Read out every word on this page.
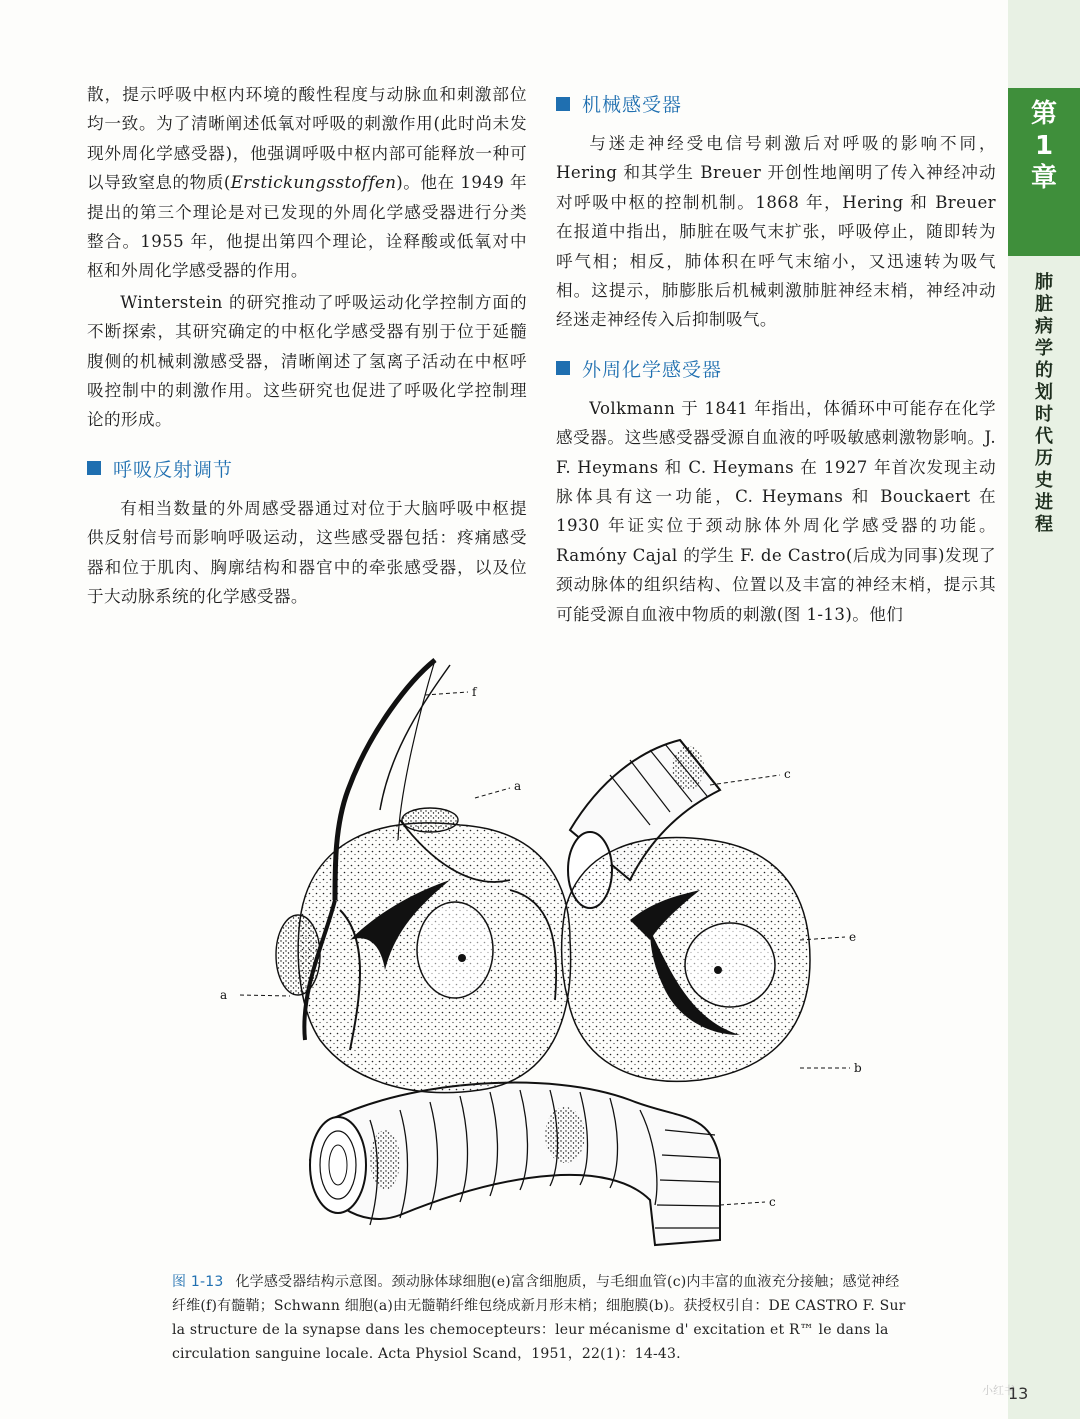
散，提示呼吸中枢内环境的酸性程度与动脉血和刺激部位均一致。为了清晰阐述低氧对呼吸的刺激作用(此时尚未发现外周化学感受器)，他强调呼吸中枢内部可能释放一种可以导致窒息的物质(Erstickungsstoffen)。他在 1949 年提出的第三个理论是对已发现的外周化学感受器进行分类整合。1955 年，他提出第四个理论，诠释酸或低氧对中枢和外周化学感受器的作用。

Winterstein 的研究推动了呼吸运动化学控制方面的不断探索，其研究确定的中枢化学感受器有别于位于延髓腹侧的机械刺激感受器，清晰阐述了氢离子活动在中枢呼吸控制中的刺激作用。这些研究也促进了呼吸化学控制理论的形成。

呼吸反射调节

有相当数量的外周感受器通过对位于大脑呼吸中枢提供反射信号而影响呼吸运动，这些感受器包括：疼痛感受器和位于肌肉、胸廓结构和器官中的牵张感受器，以及位于大动脉系统的化学感受器。

机械感受器

与迷走神经受电信号刺激后对呼吸的影响不同，Hering 和其学生 Breuer 开创性地阐明了传入神经冲动对呼吸中枢的控制机制。1868 年，Hering 和 Breuer 在报道中指出，肺脏在吸气末扩张，呼吸停止，随即转为呼气相；相反，肺体积在呼气末缩小，又迅速转为吸气相。这提示，肺膨胀后机械刺激肺脏神经末梢，神经冲动经迷走神经传入后抑制吸气。

外周化学感受器

Volkmann 于 1841 年指出，体循环中可能存在化学感受器。这些感受器受源自血液的呼吸敏感刺激物影响。J. F. Heymans 和 C. Heymans 在 1927 年首次发现主动脉体具有这一功能，C. Heymans 和 Bouckaert 在 1930 年证实位于颈动脉体外周化学感受器的功能。Ramóny Cajal 的学生 F. de Castro(后成为同事)发现了颈动脉体的组织结构、位置以及丰富的神经末梢，提示其可能受源自血液中物质的刺激(图 1-13)。他们

第
1
章
肺
脏
病
学
的
划
时
代
历
史
进
程
f
a
c
e
a
b
c
图 1-13 化学感受器结构示意图。颈动脉体球细胞(e)富含细胞质，与毛细血管(c)内丰富的血液充分接触；感觉神经纤维(f)有髓鞘；Schwann 细胞(a)由无髓鞘纤维包绕成新月形末梢；细胞膜(b)。获授权引自：DE CASTRO F. Sur la structure de la synapse dans les chemocepteurs：leur mécanisme d' excitation et R™ le dans la circulation sanguine locale. Acta Physiol Scand，1951，22(1)：14-43.
小红书
13
